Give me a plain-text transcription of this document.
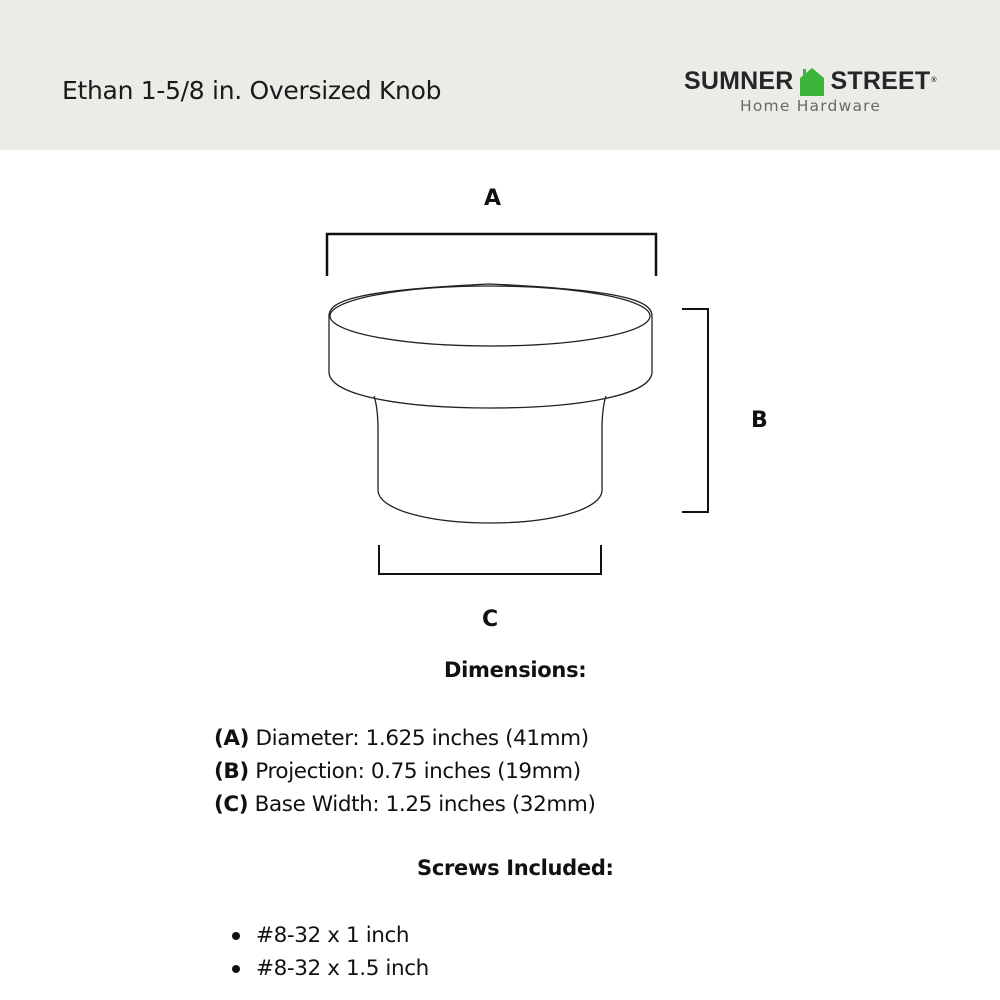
Ethan 1-5/8 in. Oversized Knob	SUMNER STREET ®
Home Hardware
A
B
C
Dimensions:
(A) Diameter: 1.625 inches (41mm)
(B) Projection: 0.75 inches (19mm)
(C) Base Width: 1.25 inches (32mm)
Screws Included:
#8-32 x 1 inch
#8-32 x 1.5 inch
